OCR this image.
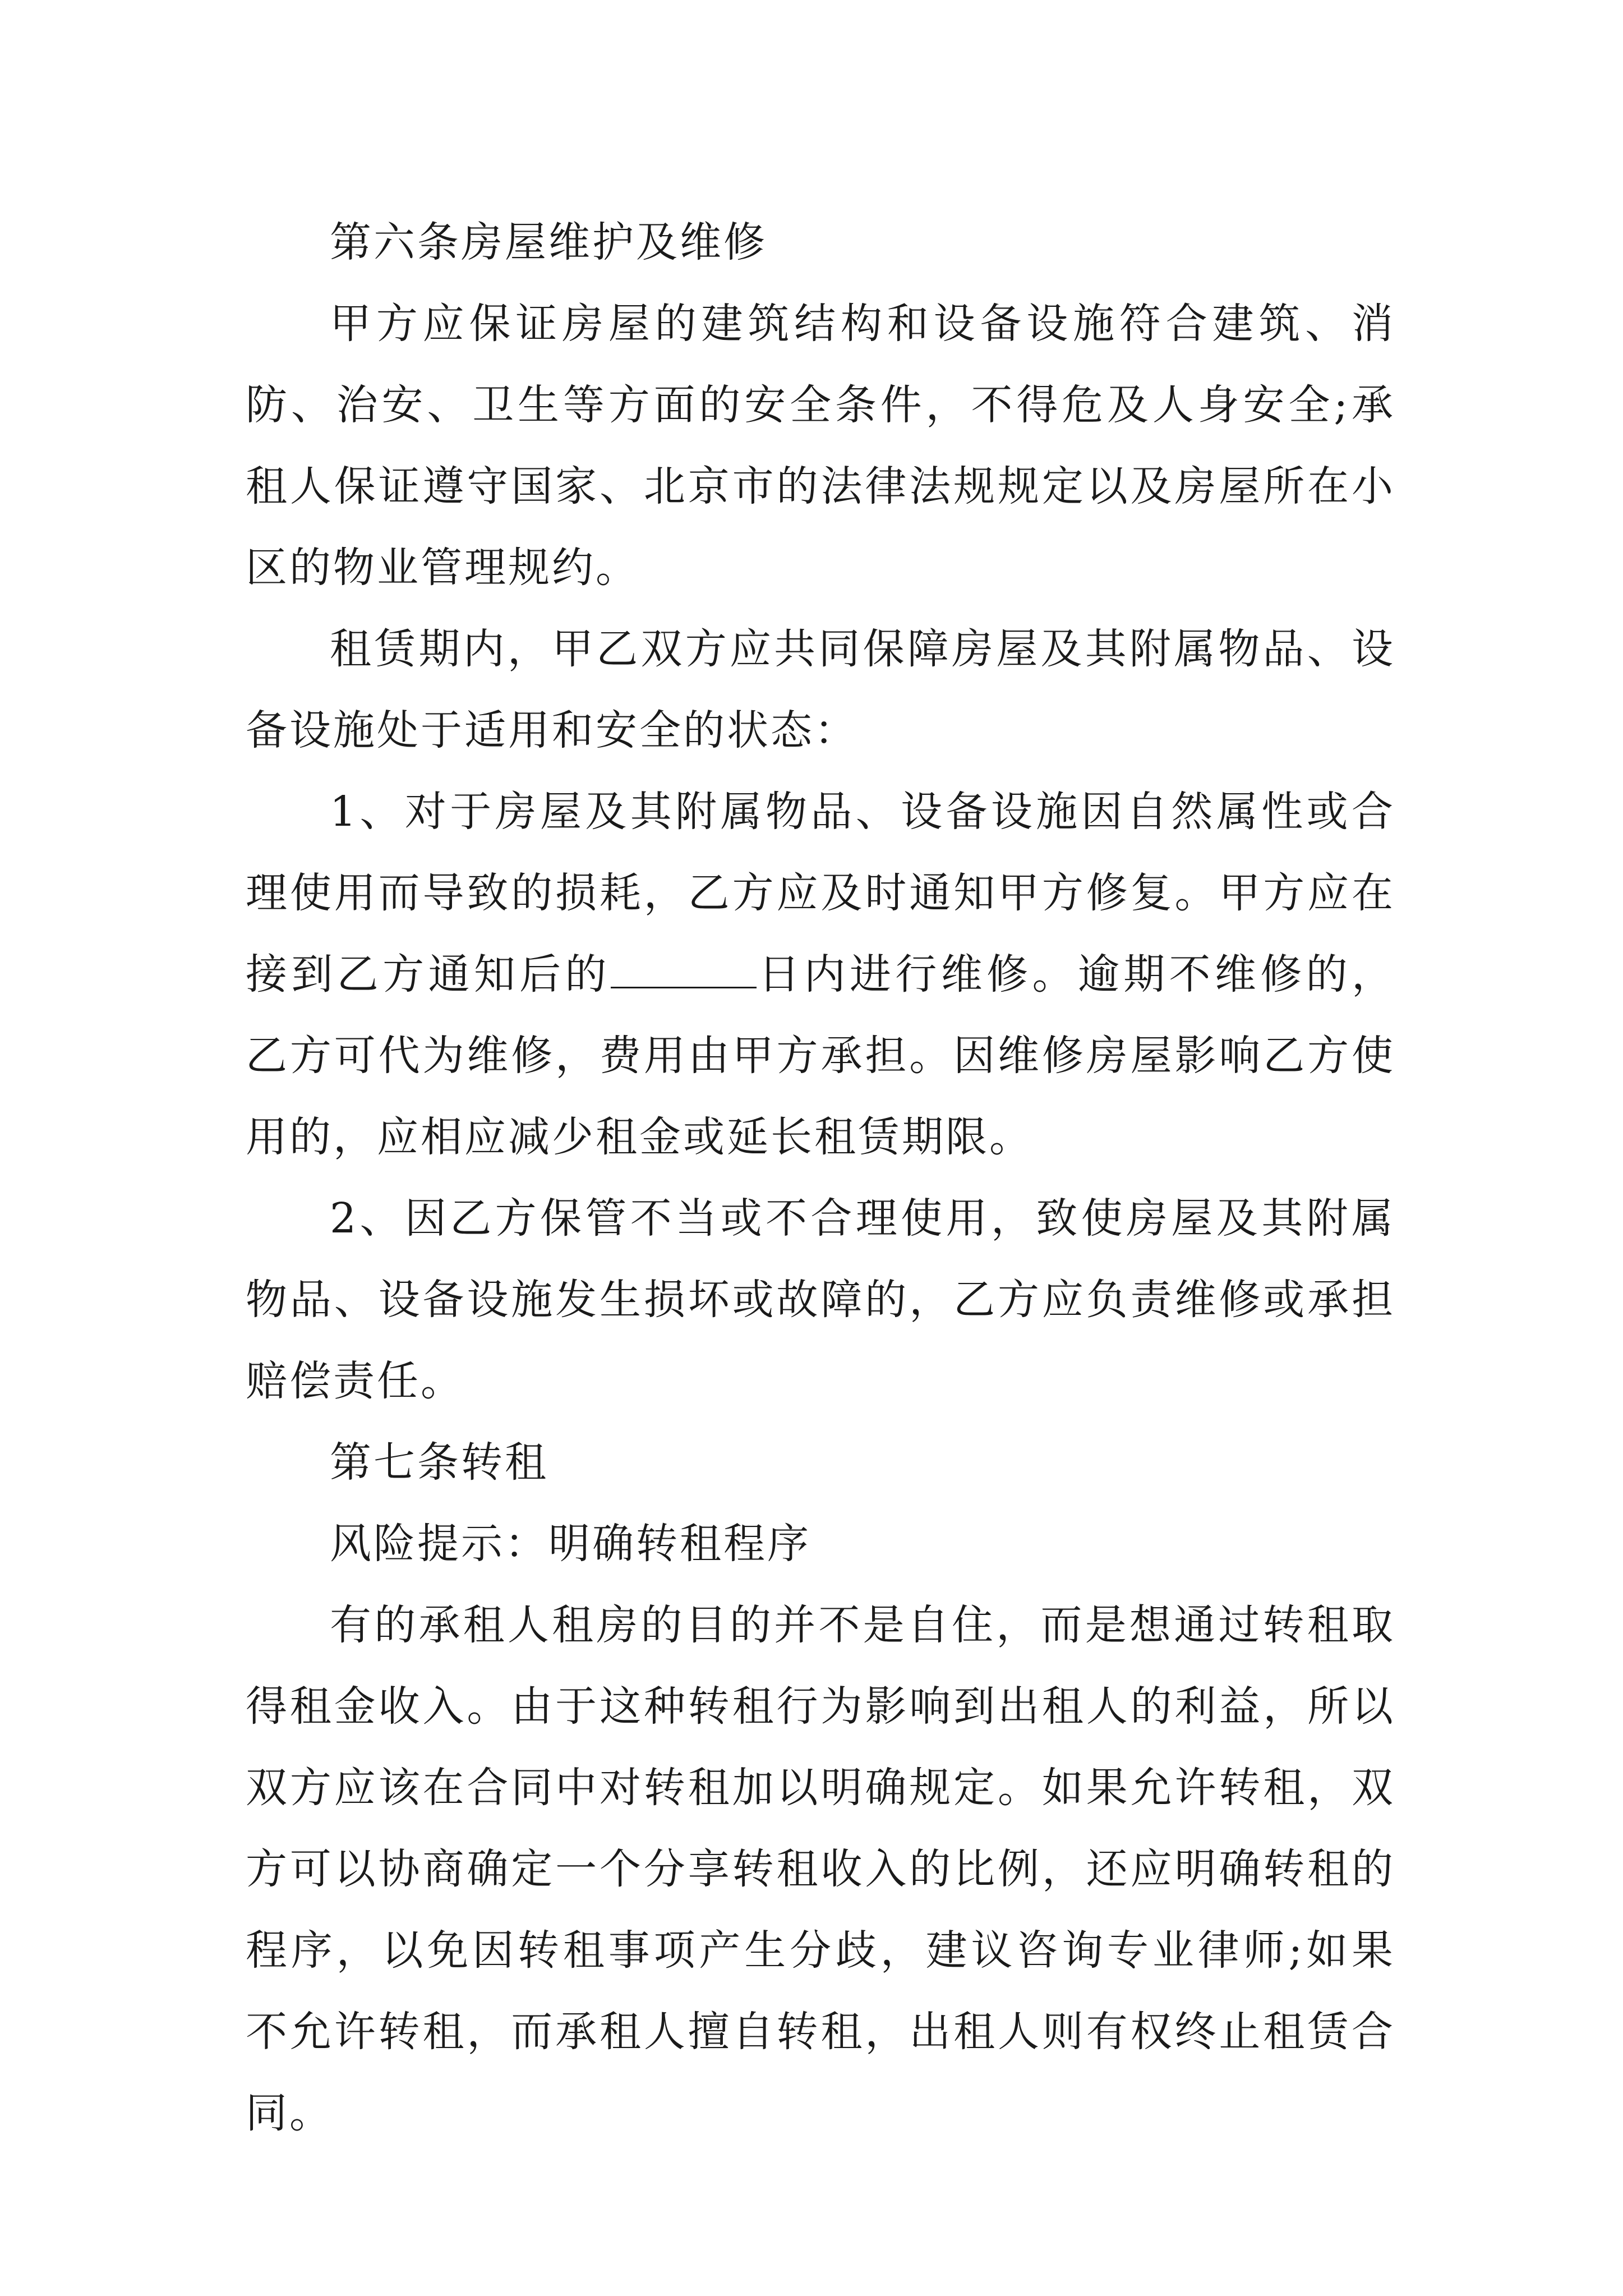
第六条房屋维护及维修

甲方应保证房屋的建筑结构和设备设施符合建筑、消防、治安、卫生等方面的安全条件，不得危及人身安全;承租人保证遵守国家、北京市的法律法规规定以及房屋所在小区的物业管理规约。

租赁期内，甲乙双方应共同保障房屋及其附属物品、设备设施处于适用和安全的状态：

1、对于房屋及其附属物品、设备设施因自然属性或合理使用而导致的损耗，乙方应及时通知甲方修复。甲方应在接到乙方通知后的	日内进行维修。逾期不维修的，乙方可代为维修，费用由甲方承担。因维修房屋影响乙方使用的，应相应减少租金或延长租赁期限。

2、因乙方保管不当或不合理使用，致使房屋及其附属物品、设备设施发生损坏或故障的，乙方应负责维修或承担赔偿责任。

第七条转租

风险提示：明确转租程序

有的承租人租房的目的并不是自住，而是想通过转租取得租金收入。由于这种转租行为影响到出租人的利益，所以双方应该在合同中对转租加以明确规定。如果允许转租，双方可以协商确定一个分享转租收入的比例，还应明确转租的程序，以免因转租事项产生分歧，建议咨询专业律师;如果不允许转租，而承租人擅自转租，出租人则有权终止租赁合同。
